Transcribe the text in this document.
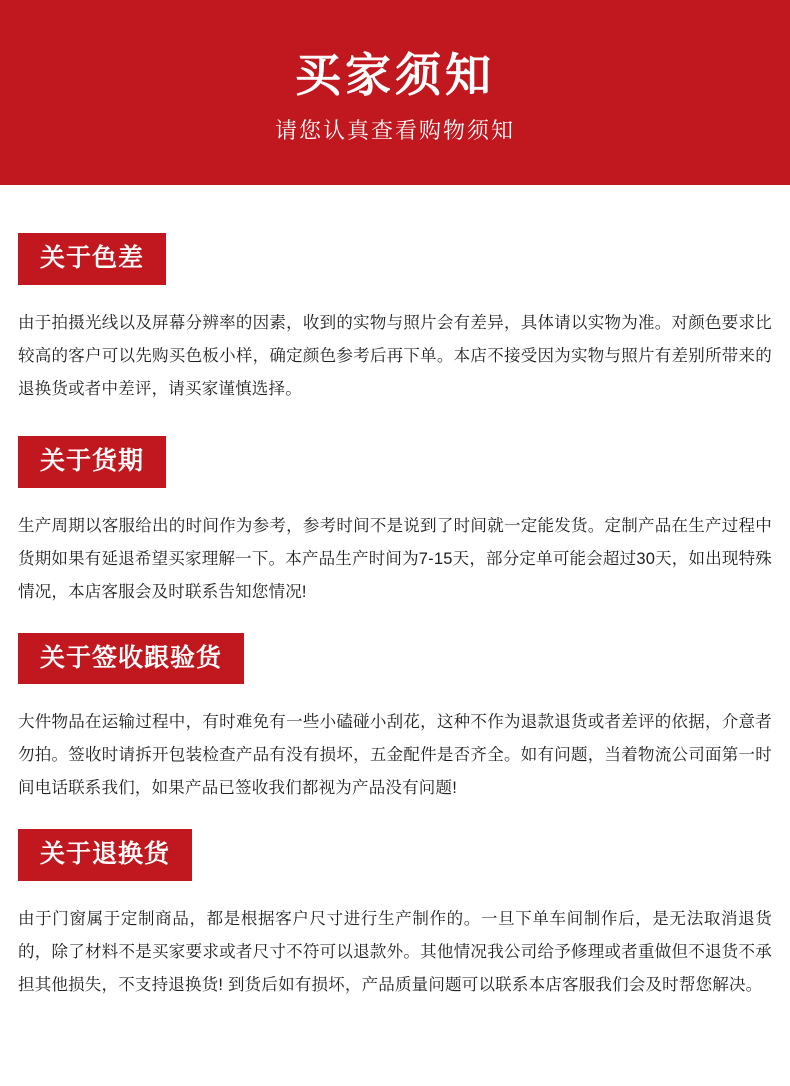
买家须知
请您认真查看购物须知
关于色差
由于拍摄光线以及屏幕分辨率的因素，收到的实物与照片会有差异，具体请以实物为准。对颜色要求比较高的客户可以先购买色板小样，确定颜色参考后再下单。本店不接受因为实物与照片有差别所带来的退换货或者中差评，请买家谨慎选择。
关于货期
生产周期以客服给出的时间作为参考，参考时间不是说到了时间就一定能发货。定制产品在生产过程中货期如果有延退希望买家理解一下。本产品生产时间为7-15天，部分定单可能会超过30天，如出现特殊情况，本店客服会及时联系告知您情况!
关于签收跟验货
大件物品在运输过程中，有时难免有一些小磕碰小刮花，这种不作为退款退货或者差评的依据，介意者勿拍。签收时请拆开包装检查产品有没有损坏，五金配件是否齐全。如有问题，当着物流公司面第一时间电话联系我们，如果产品已签收我们都视为产品没有问题!
关于退换货
由于门窗属于定制商品，都是根据客户尺寸进行生产制作的。一旦下单车间制作后，是无法取消退货的，除了材料不是买家要求或者尺寸不符可以退款外。其他情况我公司给予修理或者重做但不退货不承担其他损失，不支持退换货! 到货后如有损坏，产品质量问题可以联系本店客服我们会及时帮您解决。
